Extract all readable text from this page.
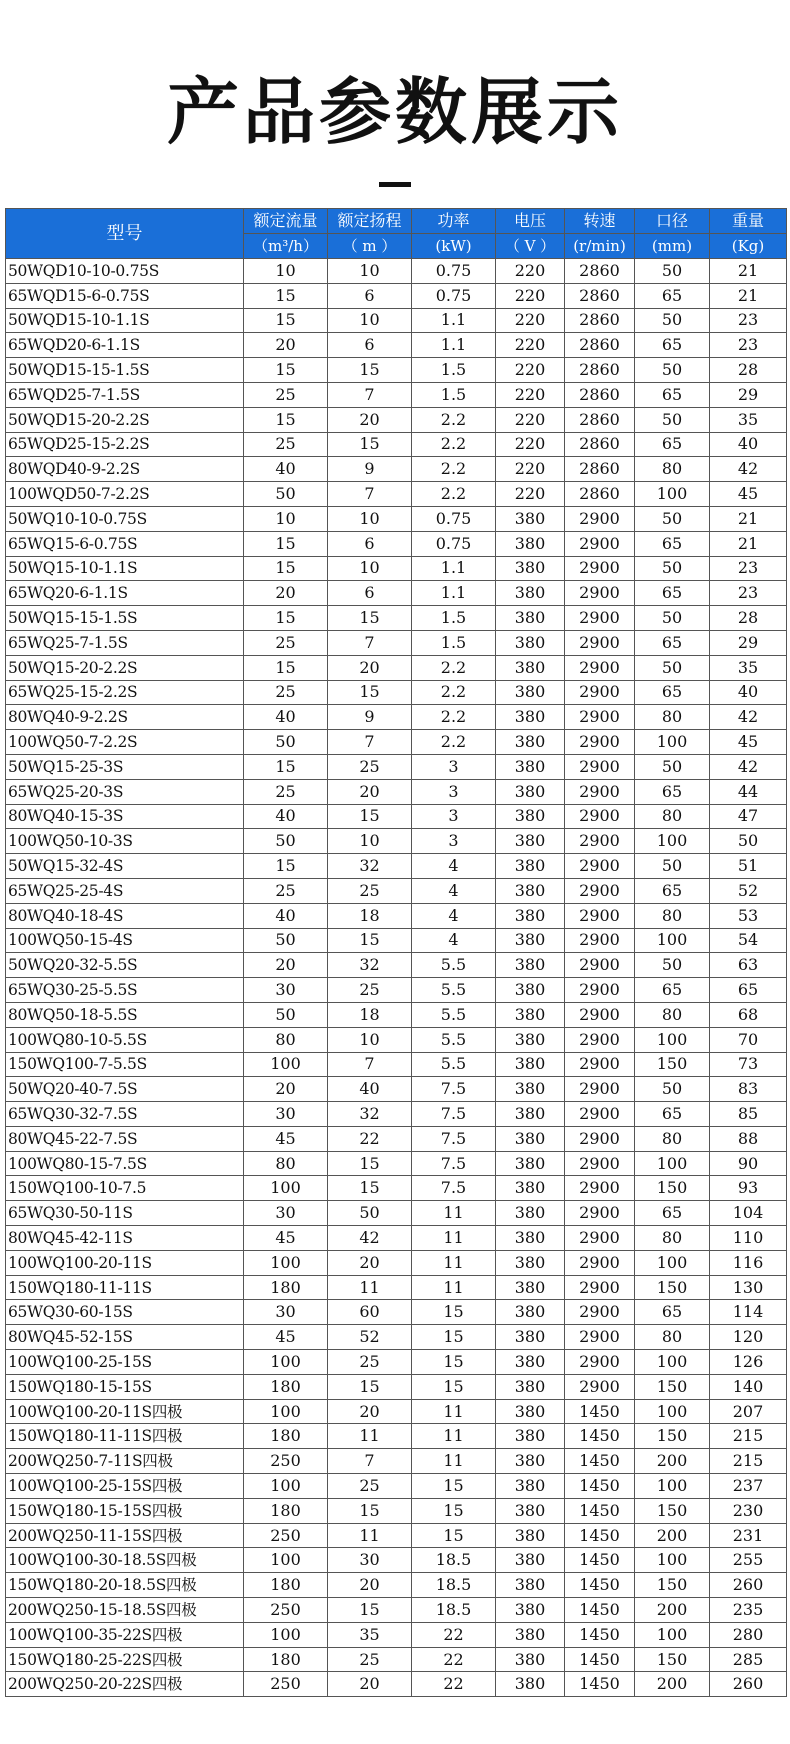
产品参数展示
型号	额定流量	额定扬程	功率	电压	转速	口径	重量
	（m³/h）	（ m ）	(kW)	（ V ）	(r/min)	(mm)	(Kg)
50WQD10-10-0.75S	10	10	0.75	220	2860	50	21
65WQD15-6-0.75S	15	6	0.75	220	2860	65	21
50WQD15-10-1.1S	15	10	1.1	220	2860	50	23
65WQD20-6-1.1S	20	6	1.1	220	2860	65	23
50WQD15-15-1.5S	15	15	1.5	220	2860	50	28
65WQD25-7-1.5S	25	7	1.5	220	2860	65	29
50WQD15-20-2.2S	15	20	2.2	220	2860	50	35
65WQD25-15-2.2S	25	15	2.2	220	2860	65	40
80WQD40-9-2.2S	40	9	2.2	220	2860	80	42
100WQD50-7-2.2S	50	7	2.2	220	2860	100	45
50WQ10-10-0.75S	10	10	0.75	380	2900	50	21
65WQ15-6-0.75S	15	6	0.75	380	2900	65	21
50WQ15-10-1.1S	15	10	1.1	380	2900	50	23
65WQ20-6-1.1S	20	6	1.1	380	2900	65	23
50WQ15-15-1.5S	15	15	1.5	380	2900	50	28
65WQ25-7-1.5S	25	7	1.5	380	2900	65	29
50WQ15-20-2.2S	15	20	2.2	380	2900	50	35
65WQ25-15-2.2S	25	15	2.2	380	2900	65	40
80WQ40-9-2.2S	40	9	2.2	380	2900	80	42
100WQ50-7-2.2S	50	7	2.2	380	2900	100	45
50WQ15-25-3S	15	25	3	380	2900	50	42
65WQ25-20-3S	25	20	3	380	2900	65	44
80WQ40-15-3S	40	15	3	380	2900	80	47
100WQ50-10-3S	50	10	3	380	2900	100	50
50WQ15-32-4S	15	32	4	380	2900	50	51
65WQ25-25-4S	25	25	4	380	2900	65	52
80WQ40-18-4S	40	18	4	380	2900	80	53
100WQ50-15-4S	50	15	4	380	2900	100	54
50WQ20-32-5.5S	20	32	5.5	380	2900	50	63
65WQ30-25-5.5S	30	25	5.5	380	2900	65	65
80WQ50-18-5.5S	50	18	5.5	380	2900	80	68
100WQ80-10-5.5S	80	10	5.5	380	2900	100	70
150WQ100-7-5.5S	100	7	5.5	380	2900	150	73
50WQ20-40-7.5S	20	40	7.5	380	2900	50	83
65WQ30-32-7.5S	30	32	7.5	380	2900	65	85
80WQ45-22-7.5S	45	22	7.5	380	2900	80	88
100WQ80-15-7.5S	80	15	7.5	380	2900	100	90
150WQ100-10-7.5	100	15	7.5	380	2900	150	93
65WQ30-50-11S	30	50	11	380	2900	65	104
80WQ45-42-11S	45	42	11	380	2900	80	110
100WQ100-20-11S	100	20	11	380	2900	100	116
150WQ180-11-11S	180	11	11	380	2900	150	130
65WQ30-60-15S	30	60	15	380	2900	65	114
80WQ45-52-15S	45	52	15	380	2900	80	120
100WQ100-25-15S	100	25	15	380	2900	100	126
150WQ180-15-15S	180	15	15	380	2900	150	140
100WQ100-20-11S四极	100	20	11	380	1450	100	207
150WQ180-11-11S四极	180	11	11	380	1450	150	215
200WQ250-7-11S四极	250	7	11	380	1450	200	215
100WQ100-25-15S四极	100	25	15	380	1450	100	237
150WQ180-15-15S四极	180	15	15	380	1450	150	230
200WQ250-11-15S四极	250	11	15	380	1450	200	231
100WQ100-30-18.5S四极	100	30	18.5	380	1450	100	255
150WQ180-20-18.5S四极	180	20	18.5	380	1450	150	260
200WQ250-15-18.5S四极	250	15	18.5	380	1450	200	235
100WQ100-35-22S四极	100	35	22	380	1450	100	280
150WQ180-25-22S四极	180	25	22	380	1450	150	285
200WQ250-20-22S四极	250	20	22	380	1450	200	260
